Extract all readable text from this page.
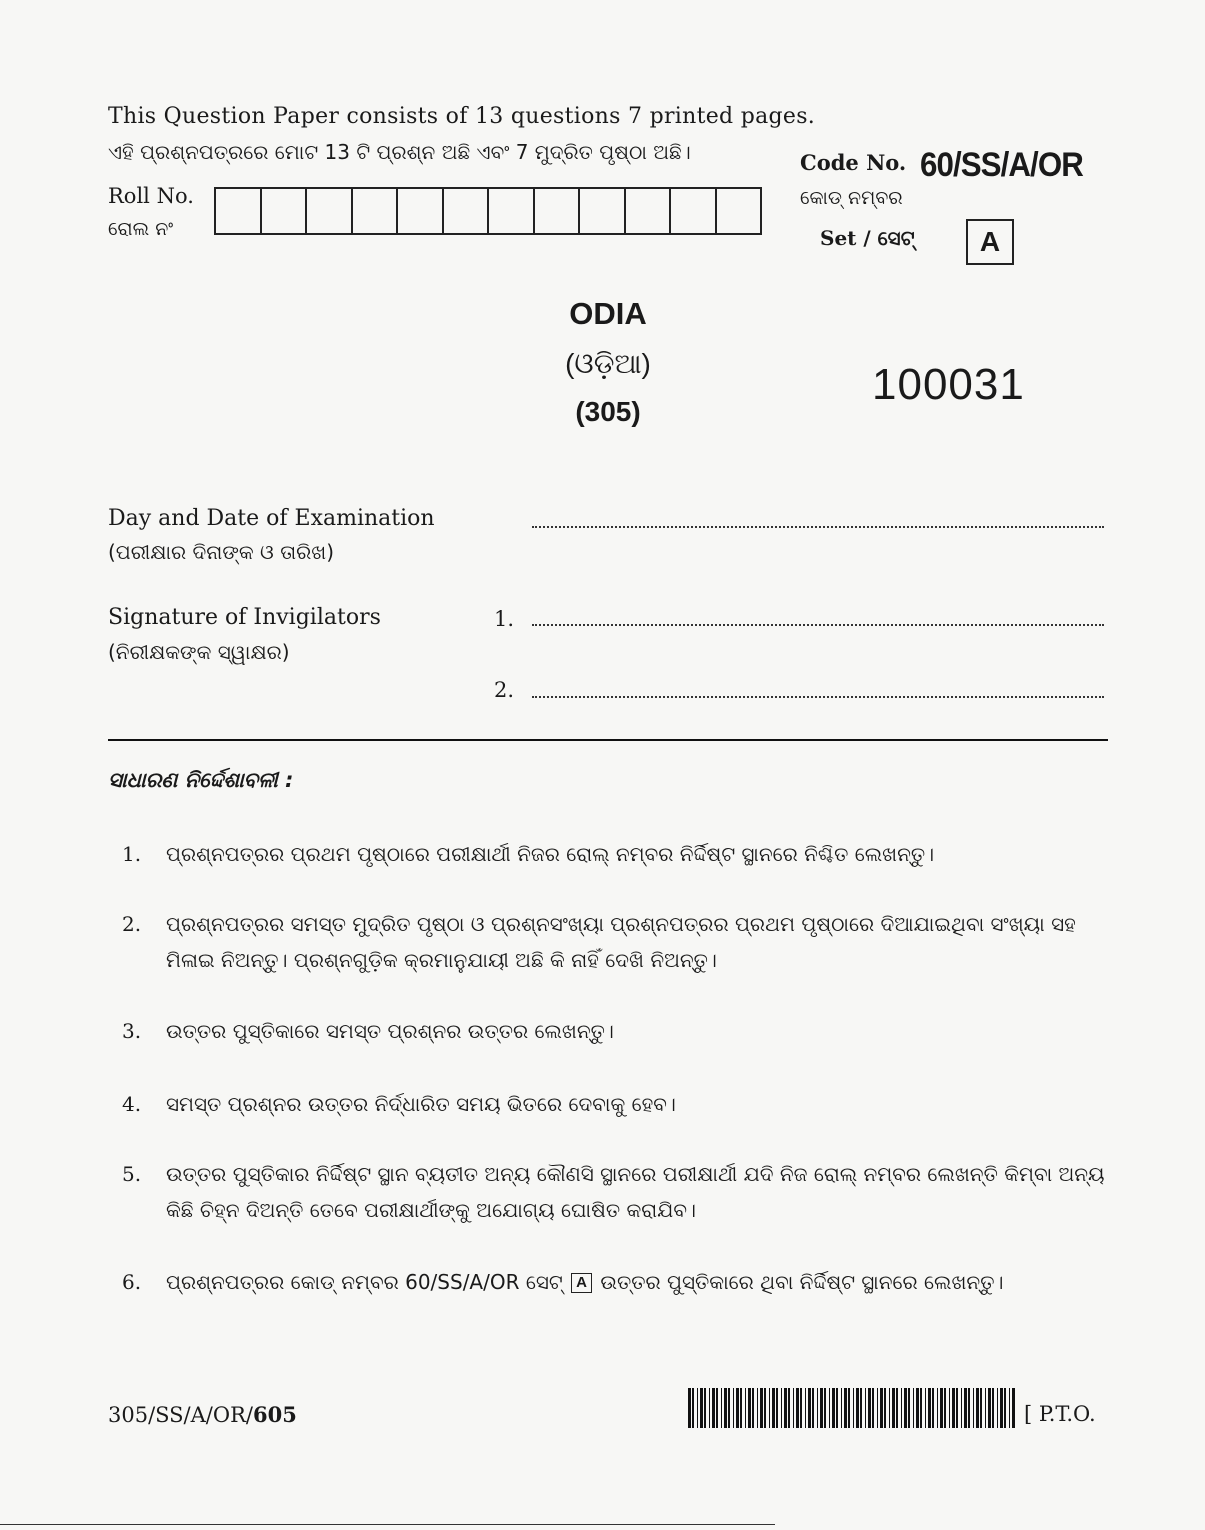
This Question Paper consists of 13 questions 7 printed pages.
ଏହି ପ୍ରଶ୍ନପତ୍ରରେ ମୋଟ 13 ଟି ପ୍ରଶ୍ନ ଅଛି ଏବଂ 7 ମୁଦ୍ରିତ ପୃଷ୍ଠା ଅଛି।
Roll No.
ରୋଲ ନଂ
Code No. 60/SS/A/OR
କୋଡ୍ ନମ୍ବର
Set / ସେଟ୍	A
ODIA
(ଓଡ଼ିଆ)
(305)
100031
Day and Date of Examination
(ପରୀକ୍ଷାର ଦିନାଙ୍କ ଓ ତାରିଖ)
Signature of Invigilators
(ନିରୀକ୍ଷକଙ୍କ ସ୍ୱାକ୍ଷର)
1.
2.
ସାଧାରଣ ନିର୍ଦ୍ଦେଶାବଳୀ :
1.	ପ୍ରଶ୍ନପତ୍ରର ପ୍ରଥମ ପୃଷ୍ଠାରେ ପରୀକ୍ଷାର୍ଥୀ ନିଜର ରୋଲ୍ ନମ୍ବର ନିର୍ଦ୍ଦିଷ୍ଟ ସ୍ଥାନରେ ନିଶ୍ଚିତ ଲେଖନ୍ତୁ।
2.	ପ୍ରଶ୍ନପତ୍ରର ସମସ୍ତ ମୁଦ୍ରିତ ପୃଷ୍ଠା ଓ ପ୍ରଶ୍ନସଂଖ୍ୟା ପ୍ରଶ୍ନପତ୍ରର ପ୍ରଥମ ପୃଷ୍ଠାରେ ଦିଆଯାଇଥିବା ସଂଖ୍ୟା ସହ ମିଳାଇ ନିଅନ୍ତୁ। ପ୍ରଶ୍ନଗୁଡ଼ିକ କ୍ରମାନୁଯାୟୀ ଅଛି କି ନାହିଁ ଦେଖି ନିଅନ୍ତୁ।
3.	ଉତ୍ତର ପୁସ୍ତିକାରେ ସମସ୍ତ ପ୍ରଶ୍ନର ଉତ୍ତର ଲେଖନ୍ତୁ।
4.	ସମସ୍ତ ପ୍ରଶ୍ନର ଉତ୍ତର ନିର୍ଦ୍ଧାରିତ ସମୟ ଭିତରେ ଦେବାକୁ ହେବ।
5.	ଉତ୍ତର ପୁସ୍ତିକାର ନିର୍ଦ୍ଦିଷ୍ଟ ସ୍ଥାନ ବ୍ୟତୀତ ଅନ୍ୟ କୌଣସି ସ୍ଥାନରେ ପରୀକ୍ଷାର୍ଥୀ ଯଦି ନିଜ ରୋଲ୍ ନମ୍ବର ଲେଖନ୍ତି କିମ୍ବା ଅନ୍ୟ କିଛି ଚିହ୍ନ ଦିଅନ୍ତି ତେବେ ପରୀକ୍ଷାର୍ଥୀଙ୍କୁ ଅଯୋଗ୍ୟ ଘୋଷିତ କରାଯିବ।
6.	ପ୍ରଶ୍ନପତ୍ରର କୋଡ୍ ନମ୍ବର 60/SS/A/OR ସେଟ୍ A ଉତ୍ତର ପୁସ୍ତିକାରେ ଥିବା ନିର୍ଦ୍ଦିଷ୍ଟ ସ୍ଥାନରେ ଲେଖନ୍ତୁ।
305/SS/A/OR/605	[ P.T.O.
